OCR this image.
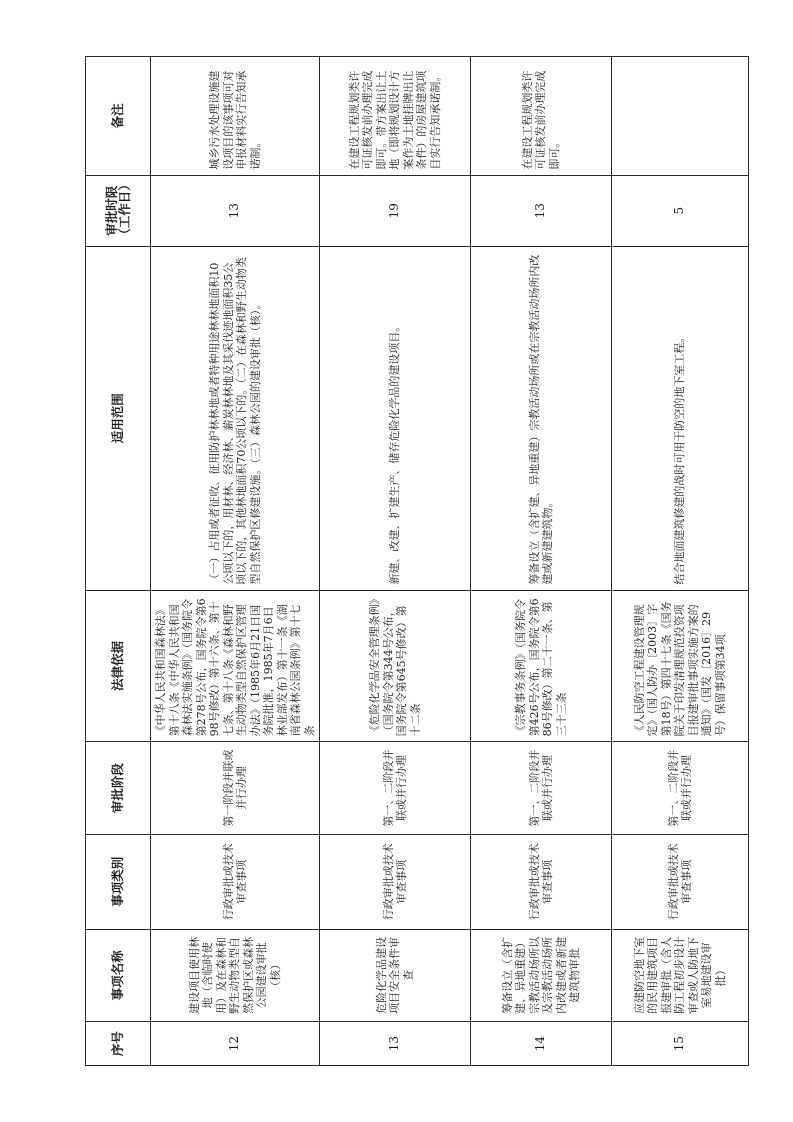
序号	事项名称	事项类别	审批阶段	法律依据	适用范围	审批时限（工作日）	备注
12	建设项目使用林地（含临时使用）及在森林和野生动物类型自然保护区或森林公园建设审批（核）	行政审批或技术审查事项	第一阶段并联或并行办理	《中华人民共和国森林法》第十八条《中华人民共和国森林法实施条例》（国务院令第278号公布，国务院令第698号修改）第十六条、第十七条、第十八条《森林和野生动物类型自然保护区管理办法》（1985年6月21日国务院批准，1985年7月6日林业部发布）第十一条《湖南省森林公园条例》第十七条	（一）占用或者征收、征用防护林林地或者特种用途林林地面积10公顷以下的，用材林、经济林、薪炭林林地及其采伐迹地面积35公顷以下的，其他林地面积70公顷以下的。（二）在森林和野生动物类型自然保护区修建设施。（三）森林公园的建设审批（核）。	13	城乡污水处理设施建设项目的该事项可对申报材料实行告知承诺制。
13	危险化学品建设项目安全条件审查	行政审批或技术审查事项	第一、二阶段并联或并行办理	《危险化学品安全管理条例》（国务院令第344号公布，国务院令第645号修改）第十二条	新建、改建、扩建生产、储存危险化学品的建设项目。	19	在建设工程规划类许可证核发前办理完成即可。带方案出让土地（即将规划设计方案作为土地挂牌出让条件）的房屋建筑项目实行告知承诺制。
14	筹备设立（含扩建、异地重建）宗教活动场所以及宗教活动场所内改建或者新建建筑物审批	行政审批或技术审查事项	第一、二阶段并联或并行办理	《宗教事务条例》（国务院令第426号公布，国务院令第686号修改）第二十一条、第三十三条	筹备设立（含扩建、异地重建）宗教活动场所或在宗教活动场所内改建或新建建筑物。	13	在建设工程规划类许可证核发前办理完成即可。
15	应建防空地下室的民用建筑项目报建审批（含人防工程初步设计审查或人防地下室易地建设审批）	行政审批或技术审查事项	第一、二阶段并联或并行办理	《人民防空工程建设管理规定》（国人防办〔2003〕字第18号）第四十七条《国务院关于印发清理规范投资项目报建审批事项实施方案的通知》（国发〔2016〕29号）保留事项第34项	结合地面建筑修建的战时可用于防空的地下室工程。	5	
